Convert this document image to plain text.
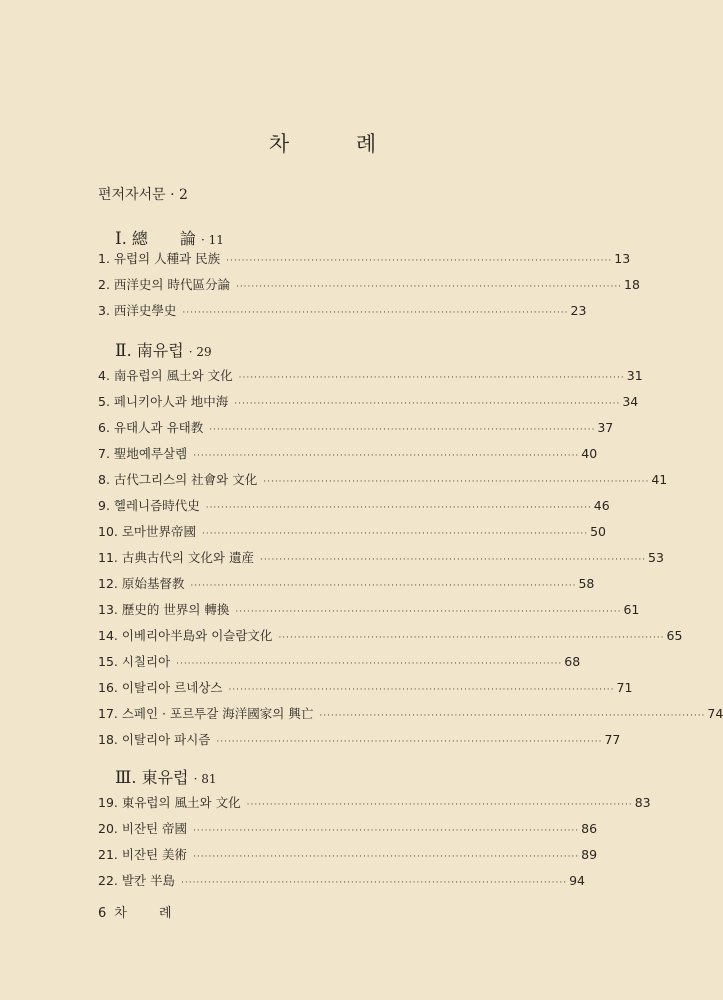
차 례
편저자서문 · 2
Ⅰ. 總　　論 · 11
1. 유럽의 人種과 民族 ···································································································· 13
2. 西洋史의 時代區分論 ···································································································· 18
3. 西洋史學史 ···································································································· 23
Ⅱ. 南유럽 · 29
4. 南유럽의 風土와 文化 ···································································································· 31
5. 페니키아人과 地中海 ···································································································· 34
6. 유태人과 유태教 ···································································································· 37
7. 聖地예루살렘 ···································································································· 40
8. 古代그리스의 社會와 文化 ···································································································· 41
9. 헬레니즘時代史 ···································································································· 46
10. 로마世界帝國 ···································································································· 50
11. 古典古代의 文化와 遺産 ···································································································· 53
12. 原始基督教 ···································································································· 58
13. 歷史的 世界의 轉換 ···································································································· 61
14. 이베리아半島와 이슬람文化 ···································································································· 65
15. 시칠리아 ···································································································· 68
16. 이탈리아 르네상스 ···································································································· 71
17. 스페인 · 포르투갈 海洋國家의 興亡 ···································································································· 74
18. 이탈리아 파시즘 ···································································································· 77
Ⅲ. 東유럽 · 81
19. 東유럽의 風土와 文化 ···································································································· 83
20. 비잔틴 帝國 ···································································································· 86
21. 비잔틴 美術 ···································································································· 89
22. 발칸 半島 ···································································································· 94
6 차 례
